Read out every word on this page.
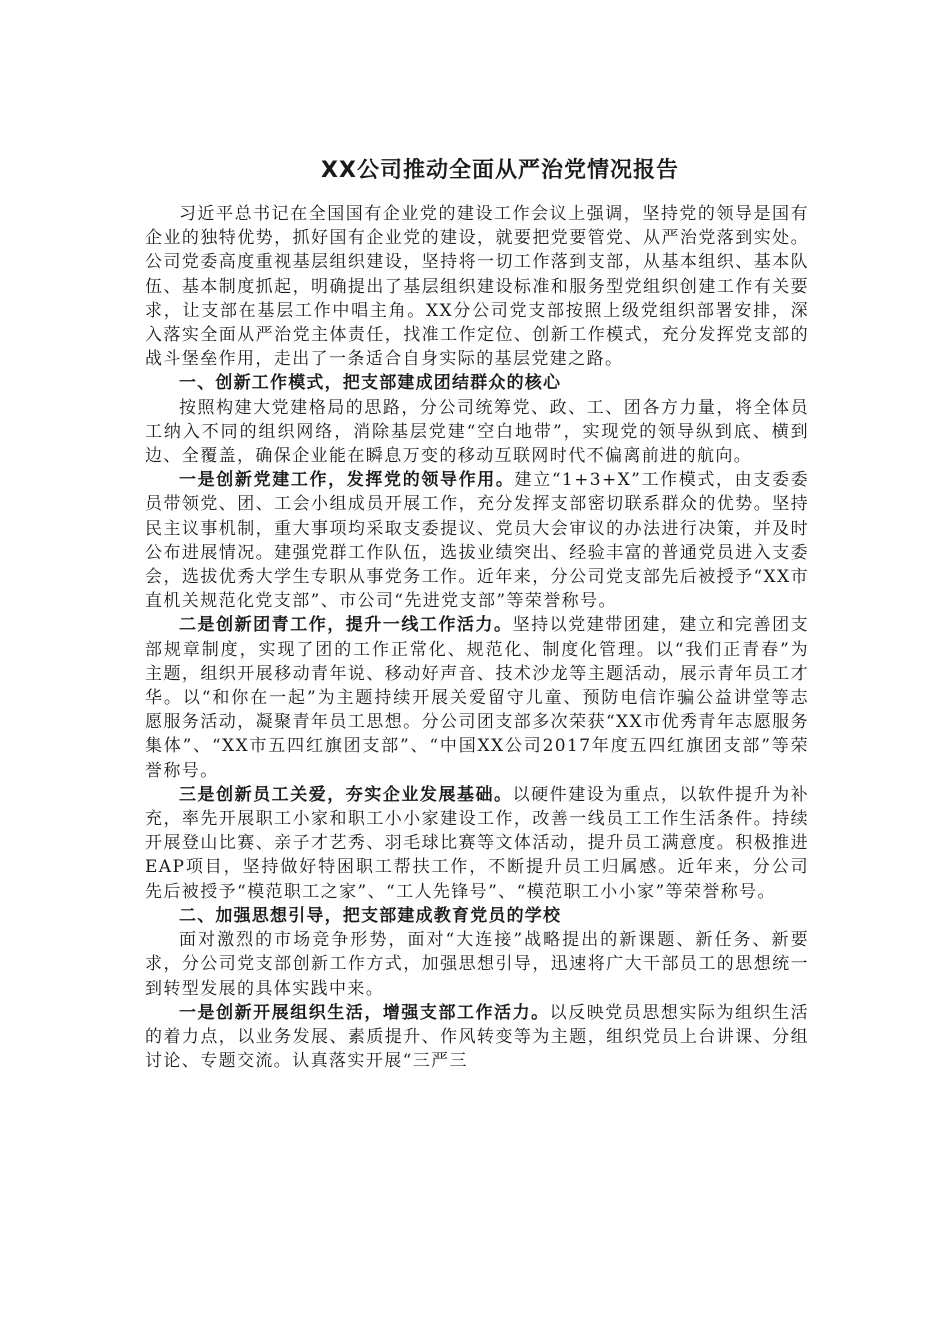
XX公司推动全面从严治党情况报告

习近平总书记在全国国有企业党的建设工作会议上强调，坚持党的领导是国有企业的独特优势，抓好国有企业党的建设，就要把党要管党、从严治党落到实处。公司党委高度重视基层组织建设，坚持将一切工作落到支部，从基本组织、基本队伍、基本制度抓起，明确提出了基层组织建设标准和服务型党组织创建工作有关要求，让支部在基层工作中唱主角。XX分公司党支部按照上级党组织部署安排，深入落实全面从严治党主体责任，找准工作定位、创新工作模式，充分发挥党支部的战斗堡垒作用，走出了一条适合自身实际的基层党建之路。

一、创新工作模式，把支部建成团结群众的核心

按照构建大党建格局的思路，分公司统筹党、政、工、团各方力量，将全体员工纳入不同的组织网络，消除基层党建“空白地带”，实现党的领导纵到底、横到边、全覆盖，确保企业能在瞬息万变的移动互联网时代不偏离前进的航向。

一是创新党建工作，发挥党的领导作用。建立“1+3+X”工作模式，由支委委员带领党、团、工会小组成员开展工作，充分发挥支部密切联系群众的优势。坚持民主议事机制，重大事项均采取支委提议、党员大会审议的办法进行决策，并及时公布进展情况。建强党群工作队伍，选拔业绩突出、经验丰富的普通党员进入支委会，选拔优秀大学生专职从事党务工作。近年来，分公司党支部先后被授予“XX市直机关规范化党支部”、市公司“先进党支部”等荣誉称号。

二是创新团青工作，提升一线工作活力。坚持以党建带团建，建立和完善团支部规章制度，实现了团的工作正常化、规范化、制度化管理。以“我们正青春”为主题，组织开展移动青年说、移动好声音、技术沙龙等主题活动，展示青年员工才华。以“和你在一起”为主题持续开展关爱留守儿童、预防电信诈骗公益讲堂等志愿服务活动，凝聚青年员工思想。分公司团支部多次荣获“XX市优秀青年志愿服务集体”、“XX市五四红旗团支部”、“中国XX公司2017年度五四红旗团支部”等荣誉称号。

三是创新员工关爱，夯实企业发展基础。以硬件建设为重点，以软件提升为补充，率先开展职工小家和职工小小家建设工作，改善一线员工工作生活条件。持续开展登山比赛、亲子才艺秀、羽毛球比赛等文体活动，提升员工满意度。积极推进EAP项目，坚持做好特困职工帮扶工作，不断提升员工归属感。近年来，分公司先后被授予“模范职工之家”、“工人先锋号”、“模范职工小小家”等荣誉称号。

二、加强思想引导，把支部建成教育党员的学校

面对激烈的市场竞争形势，面对“大连接”战略提出的新课题、新任务、新要求，分公司党支部创新工作方式，加强思想引导，迅速将广大干部员工的思想统一到转型发展的具体实践中来。

一是创新开展组织生活，增强支部工作活力。以反映党员思想实际为组织生活的着力点，以业务发展、素质提升、作风转变等为主题，组织党员上台讲课、分组讨论、专题交流。认真落实开展“三严三
